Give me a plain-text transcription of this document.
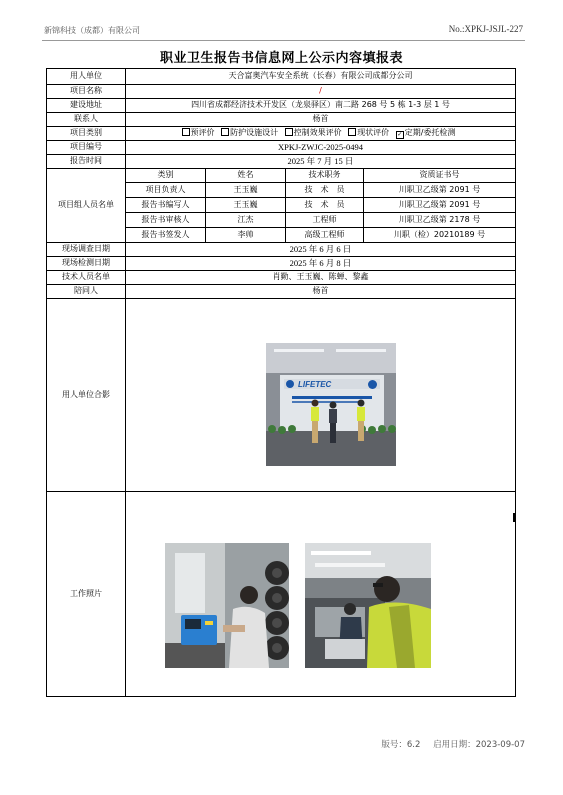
新锦科技（成都）有限公司	No.:XPKJ-JSJL-227
职业卫生报告书信息网上公示内容填报表
用人单位	天合富奥汽车安全系统（长春）有限公司成都分公司			
项目名称	/			
建设地址	四川省成都经济技术开发区（龙泉驿区）南二路 268 号 5 栋 1-3 层 1 号			
联系人	杨首			
项目类别	预评价 防护设施设计 控制效果评价 现状评价 ✓ 定期/委托检测			
项目编号	XPKJ-ZWJC-2025-0494			
报告时间	2025 年 7 月 15 日			
项目组人员名单	类别	姓名	技术职务	资质证书号
	项目负责人	王玉巍	技　术　员	川职卫乙级第 2091 号
	报告书编写人	王玉巍	技　术　员	川职卫乙级第 2091 号
	报告书审核人	江杰	工程师	川职卫乙级第 2178 号
	报告书签发人	李帅	高级工程师	川职（检）20210189 号
现场调查日期	2025 年 6 月 6 日			
现场检测日期	2025 年 6 月 8 日			
技术人员名单	肖勤、王玉巍、陈蝉、黎鑫			
陪同人	杨首			
用人单位合影				
工作照片				
LIFETEC
版号：6.2 启用日期：2023-09-07
